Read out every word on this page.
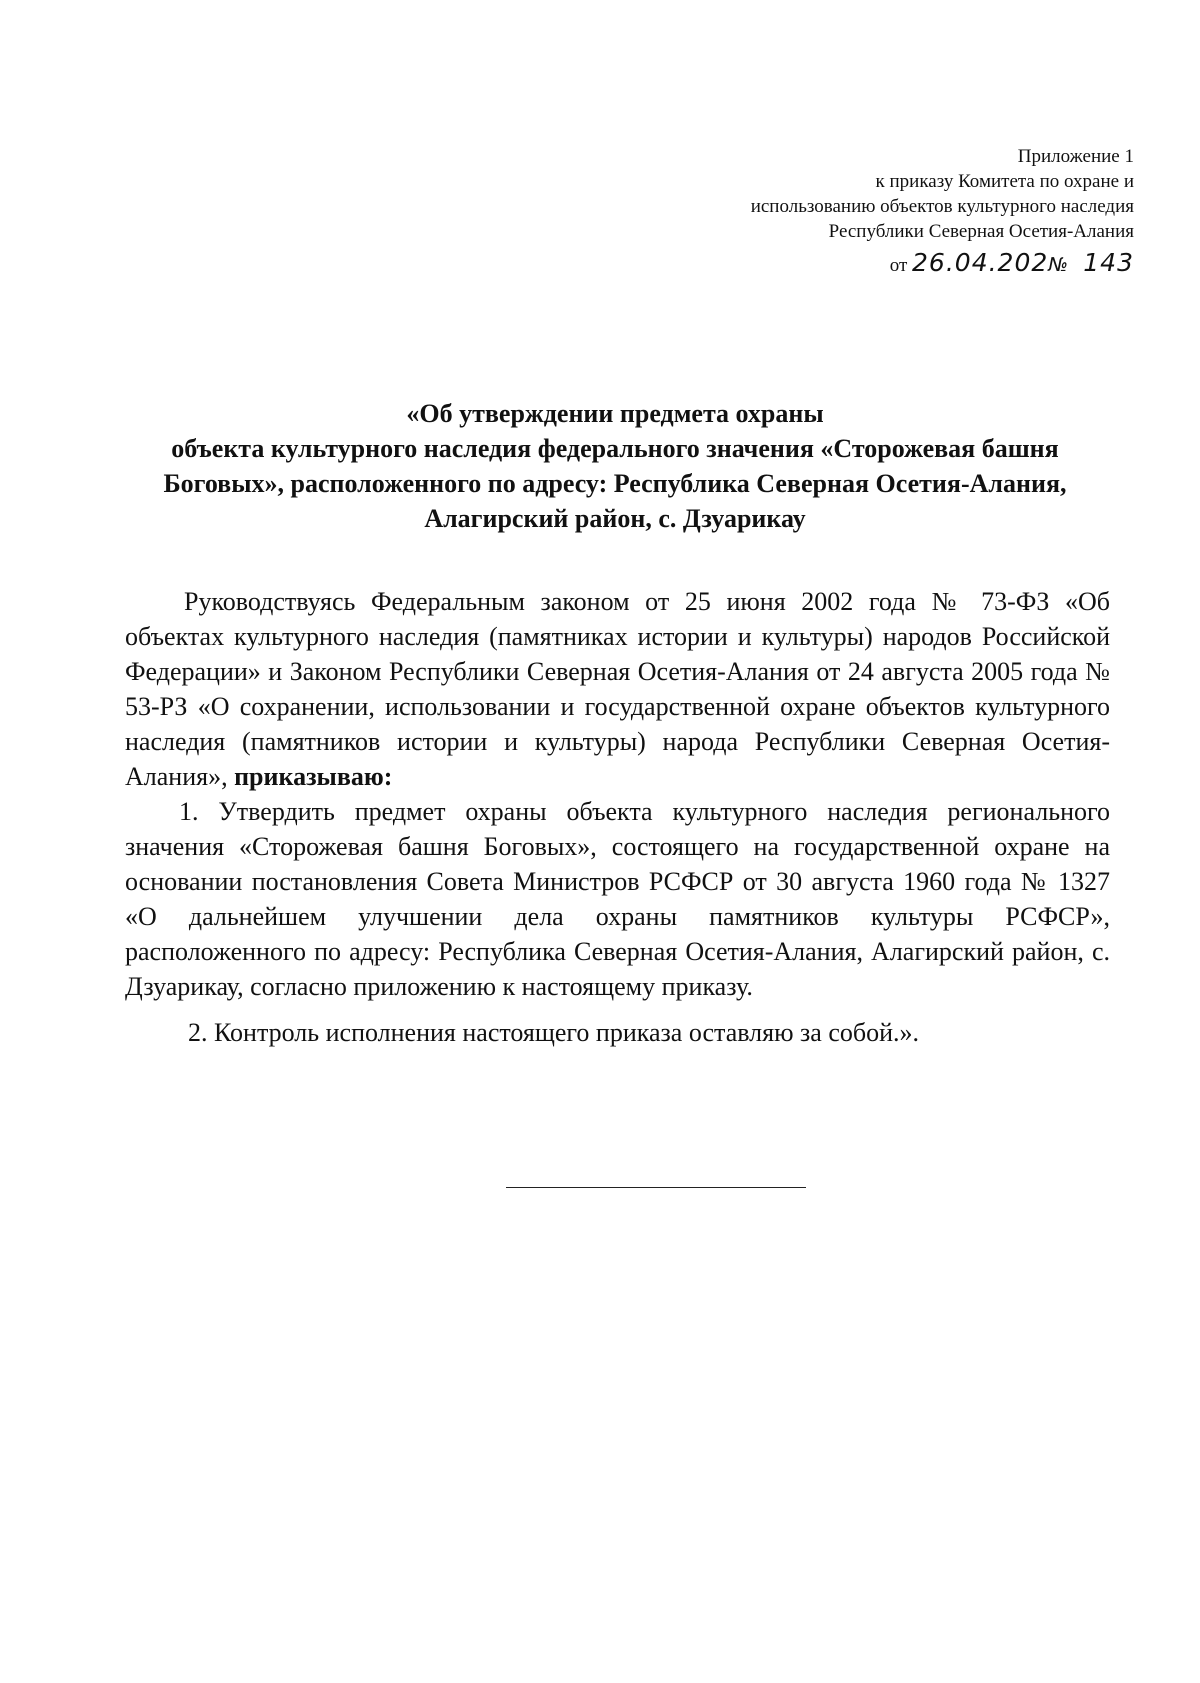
Приложение 1
к приказу Комитета по охране и
использованию объектов культурного наследия
Республики Северная Осетия-Алания
от 26.04.202№ 143
«Об утверждении предмета охраны
объекта культурного наследия федерального значения «Сторожевая башня
Боговых», расположенного по адресу: Республика Северная Осетия-Алания,
Алагирский район, с. Дзуарикау

Руководствуясь Федеральным законом от 25 июня 2002 года № 73-ФЗ «Об объектах культурного наследия (памятниках истории и культуры) народов Российской Федерации» и Законом Республики Северная Осетия-Алания от 24 августа 2005 года № 53-РЗ «О сохранении, использовании и государственной охране объектов культурного наследия (памятников истории и культуры) народа Республики Северная Осетия-Алания», приказываю:

1. Утвердить предмет охраны объекта культурного наследия регионального значения «Сторожевая башня Боговых», состоящего на государственной охране на основании постановления Совета Министров РСФСР от 30 августа 1960 года № 1327 «О дальнейшем улучшении дела охраны памятников культуры РСФСР», расположенного по адресу: Республика Северная Осетия-Алания, Алагирский район, с. Дзуарикау, согласно приложению к настоящему приказу.

2. Контроль исполнения настоящего приказа оставляю за собой.».
